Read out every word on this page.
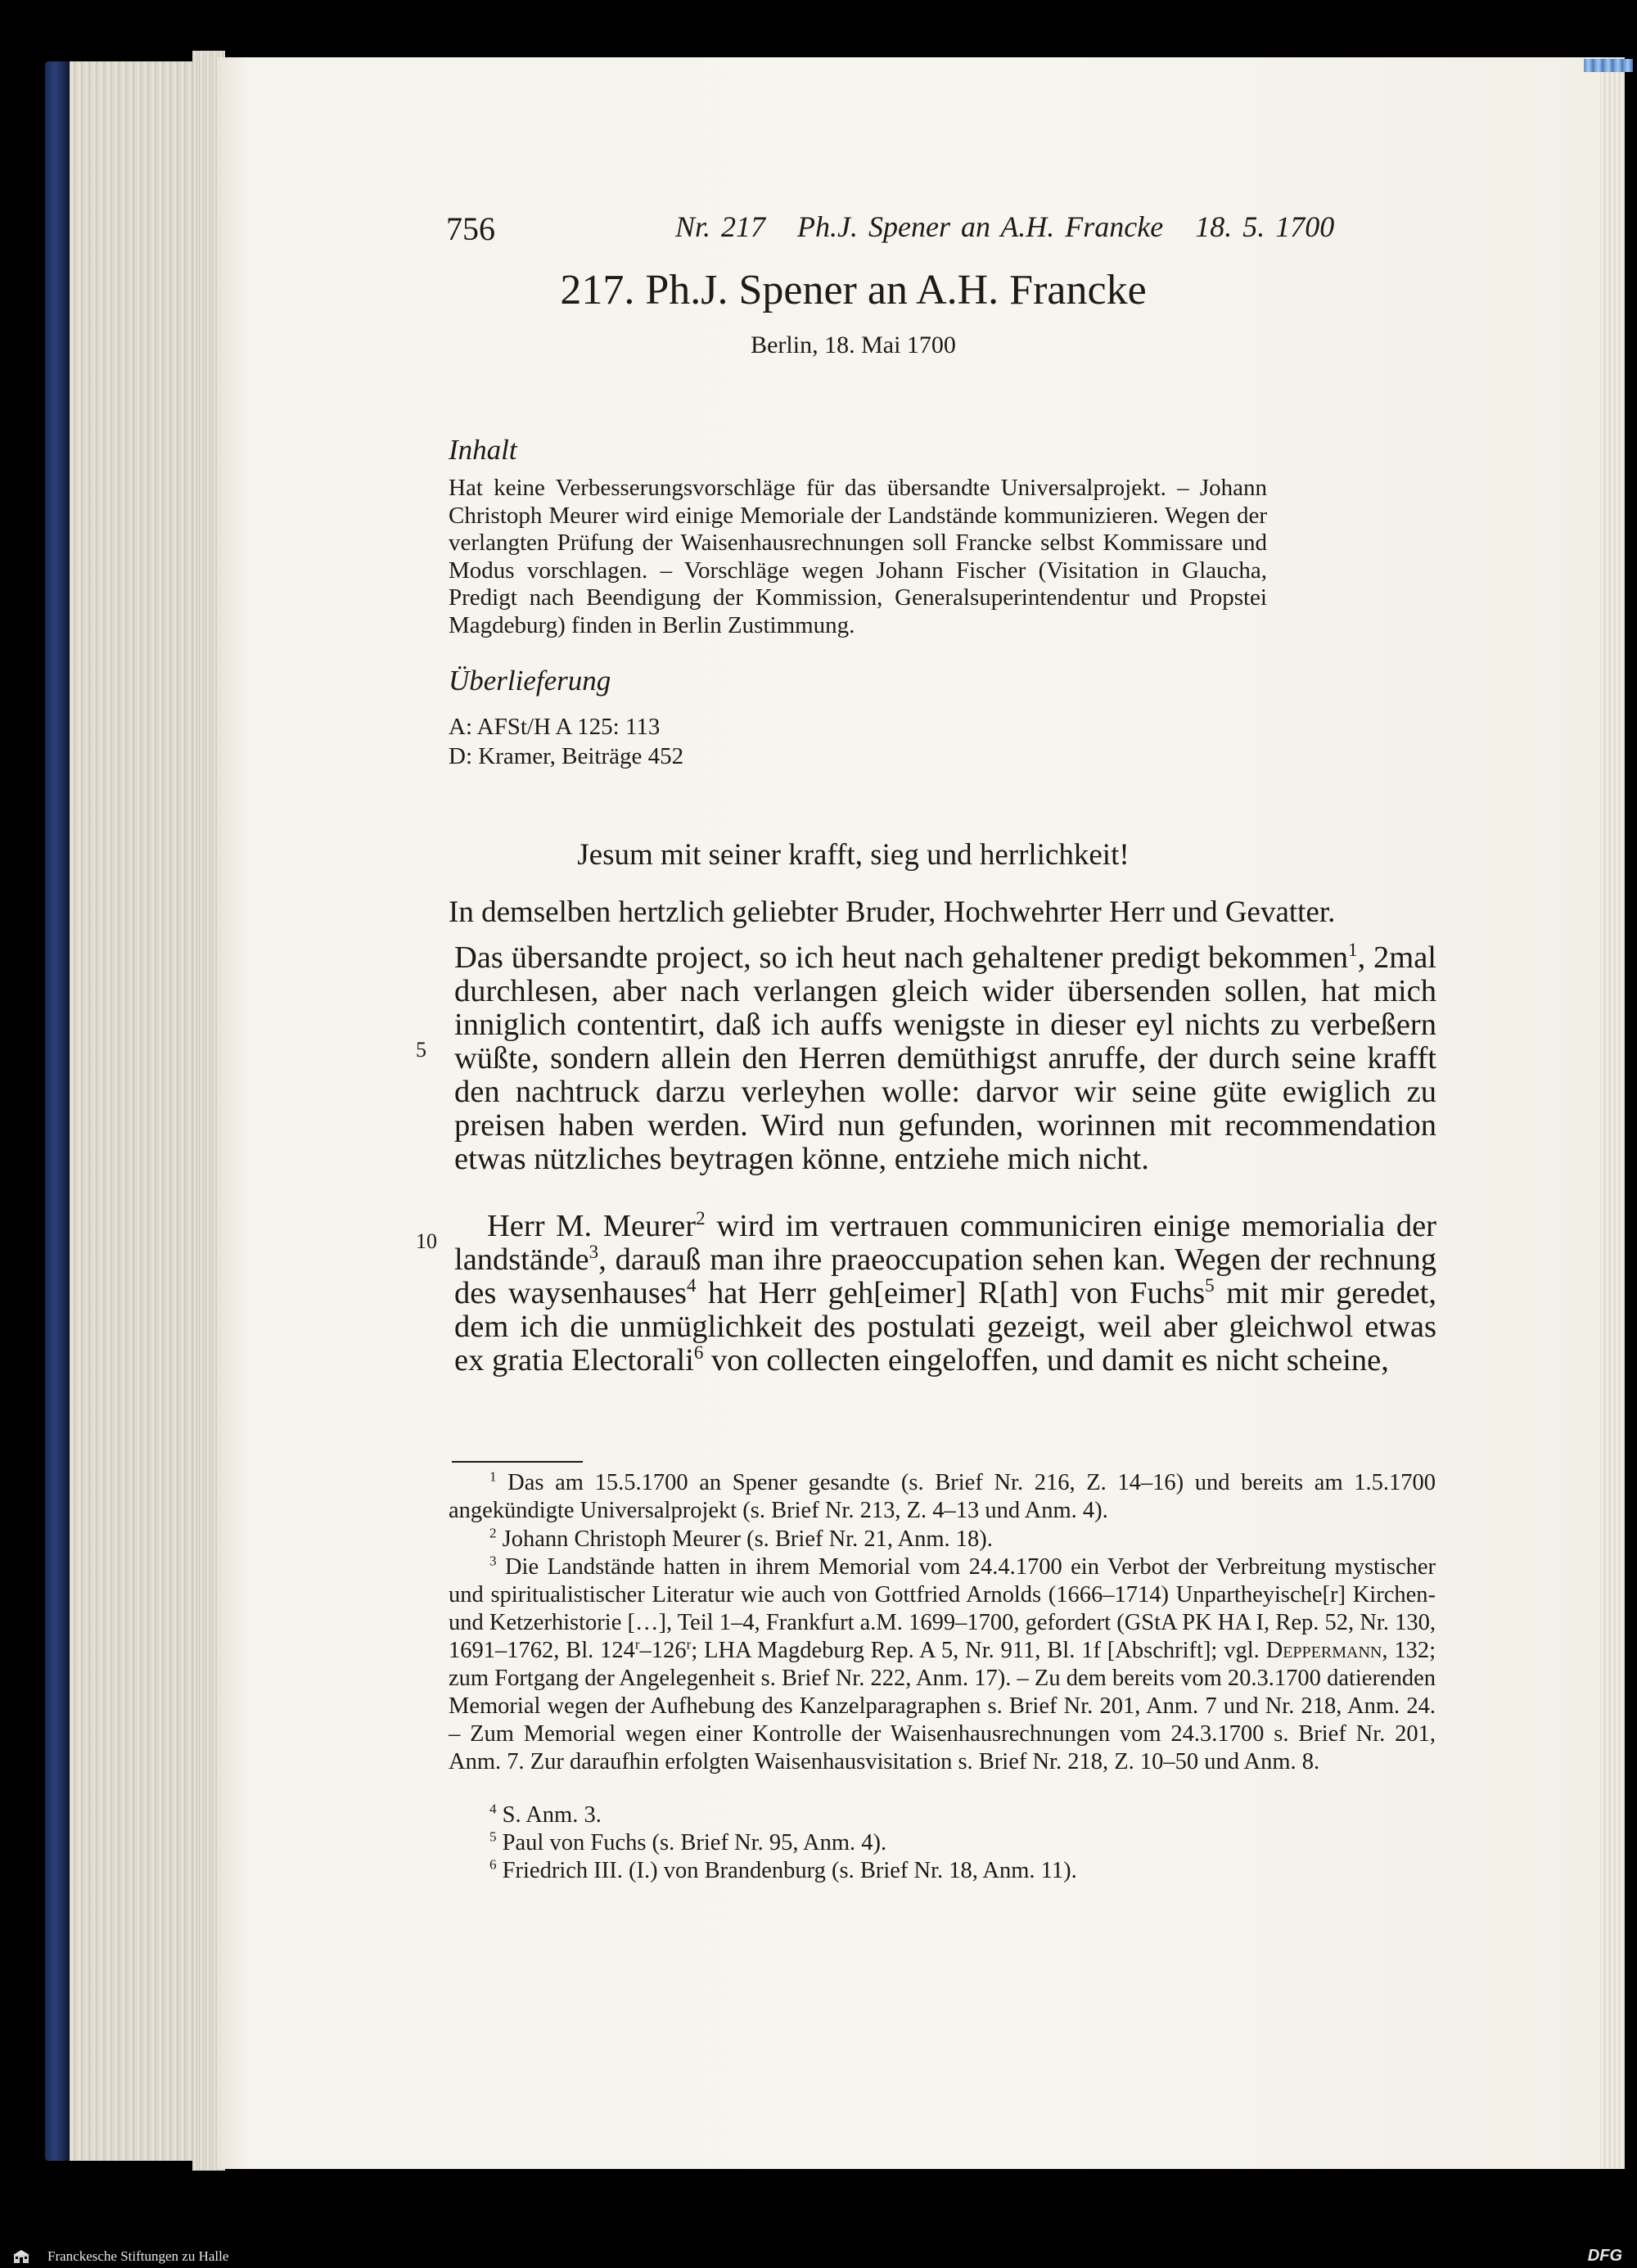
756	Nr. 217   Ph.J. Spener an A.H. Francke   18. 5. 1700
217. Ph.J. Spener an A.H. Francke
Berlin, 18. Mai 1700
Inhalt

Hat keine Verbesserungsvorschläge für das übersandte Universalprojekt. – Johann Christoph Meurer wird einige Memoriale der Landstände kommunizieren. Wegen der verlangten Prüfung der Waisenhausrechnungen soll Francke selbst Kommissare und Modus vorschlagen. – Vorschläge wegen Johann Fischer (Visitation in Glaucha, Predigt nach Beendigung der Kommission, Generalsuperintendentur und Propstei Magdeburg) finden in Berlin Zustimmung.

Überlieferung
A: AFSt/H A 125: 113
D: Kramer, Beiträge 452
Jesum mit seiner krafft, sieg und herrlichkeit!
In demselben hertzlich geliebter Bruder, Hochwehrter Herr und Gevatter.
5
10

Das übersandte project, so ich heut nach gehaltener predigt bekommen$^1$, 2mal durchlesen, aber nach verlangen gleich wider übersenden sollen, hat mich inniglich contentirt, daß ich auffs wenigste in dieser eyl nichts zu verbeßern wüßte, sondern allein den Herren demüthigst anruffe, der durch seine krafft den nachtruck darzu verleyhen wolle: darvor wir seine güte ewiglich zu preisen haben werden. Wird nun gefunden, worinnen mit recommendation etwas nützliches beytragen könne, entziehe mich nicht.

Herr M. Meurer$^2$ wird im vertrauen communiciren einige memorialia der landstände$^3$, darauß man ihre praeoccupation sehen kan. Wegen der rechnung des waysenhauses$^4$ hat Herr geh[eimer] R[ath] von Fuchs$^5$ mit mir geredet, dem ich die unmüglichkeit des postulati gezeigt, weil aber gleichwol etwas ex gratia Electorali$^6$ von collecten eingeloffen, und damit es nicht scheine,

$^1$ Das am 15.5.1700 an Spener gesandte (s. Brief Nr. 216, Z. 14–16) und bereits am 1.5.1700 angekündigte Universalprojekt (s. Brief Nr. 213, Z. 4–13 und Anm. 4).

$^2$ Johann Christoph Meurer (s. Brief Nr. 21, Anm. 18).

$^3$ Die Landstände hatten in ihrem Memorial vom 24.4.1700 ein Verbot der Verbreitung mystischer und spiritualistischer Literatur wie auch von Gottfried Arnolds (1666–1714) Unpartheyische[r] Kirchen- und Ketzerhistorie […], Teil 1–4, Frankfurt a.M. 1699–1700, gefordert (GStA PK HA I, Rep. 52, Nr. 130, 1691–1762, Bl. 124$^r$–126$^r$; LHA Magdeburg Rep. A 5, Nr. 911, Bl. 1f [Abschrift]; vgl. Deppermann, 132; zum Fortgang der Angelegenheit s. Brief Nr. 222, Anm. 17). – Zu dem bereits vom 20.3.1700 datierenden Memorial wegen der Aufhebung des Kanzelparagraphen s. Brief Nr. 201, Anm. 7 und Nr. 218, Anm. 24. – Zum Memorial wegen einer Kontrolle der Waisenhausrechnungen vom 24.3.1700 s. Brief Nr. 201, Anm. 7. Zur daraufhin erfolgten Waisenhausvisitation s. Brief Nr. 218, Z. 10–50 und Anm. 8.

$^4$ S. Anm. 3.

$^5$ Paul von Fuchs (s. Brief Nr. 95, Anm. 4).

$^6$ Friedrich III. (I.) von Brandenburg (s. Brief Nr. 18, Anm. 11).

Franckesche Stiftungen zu Halle	DFG
